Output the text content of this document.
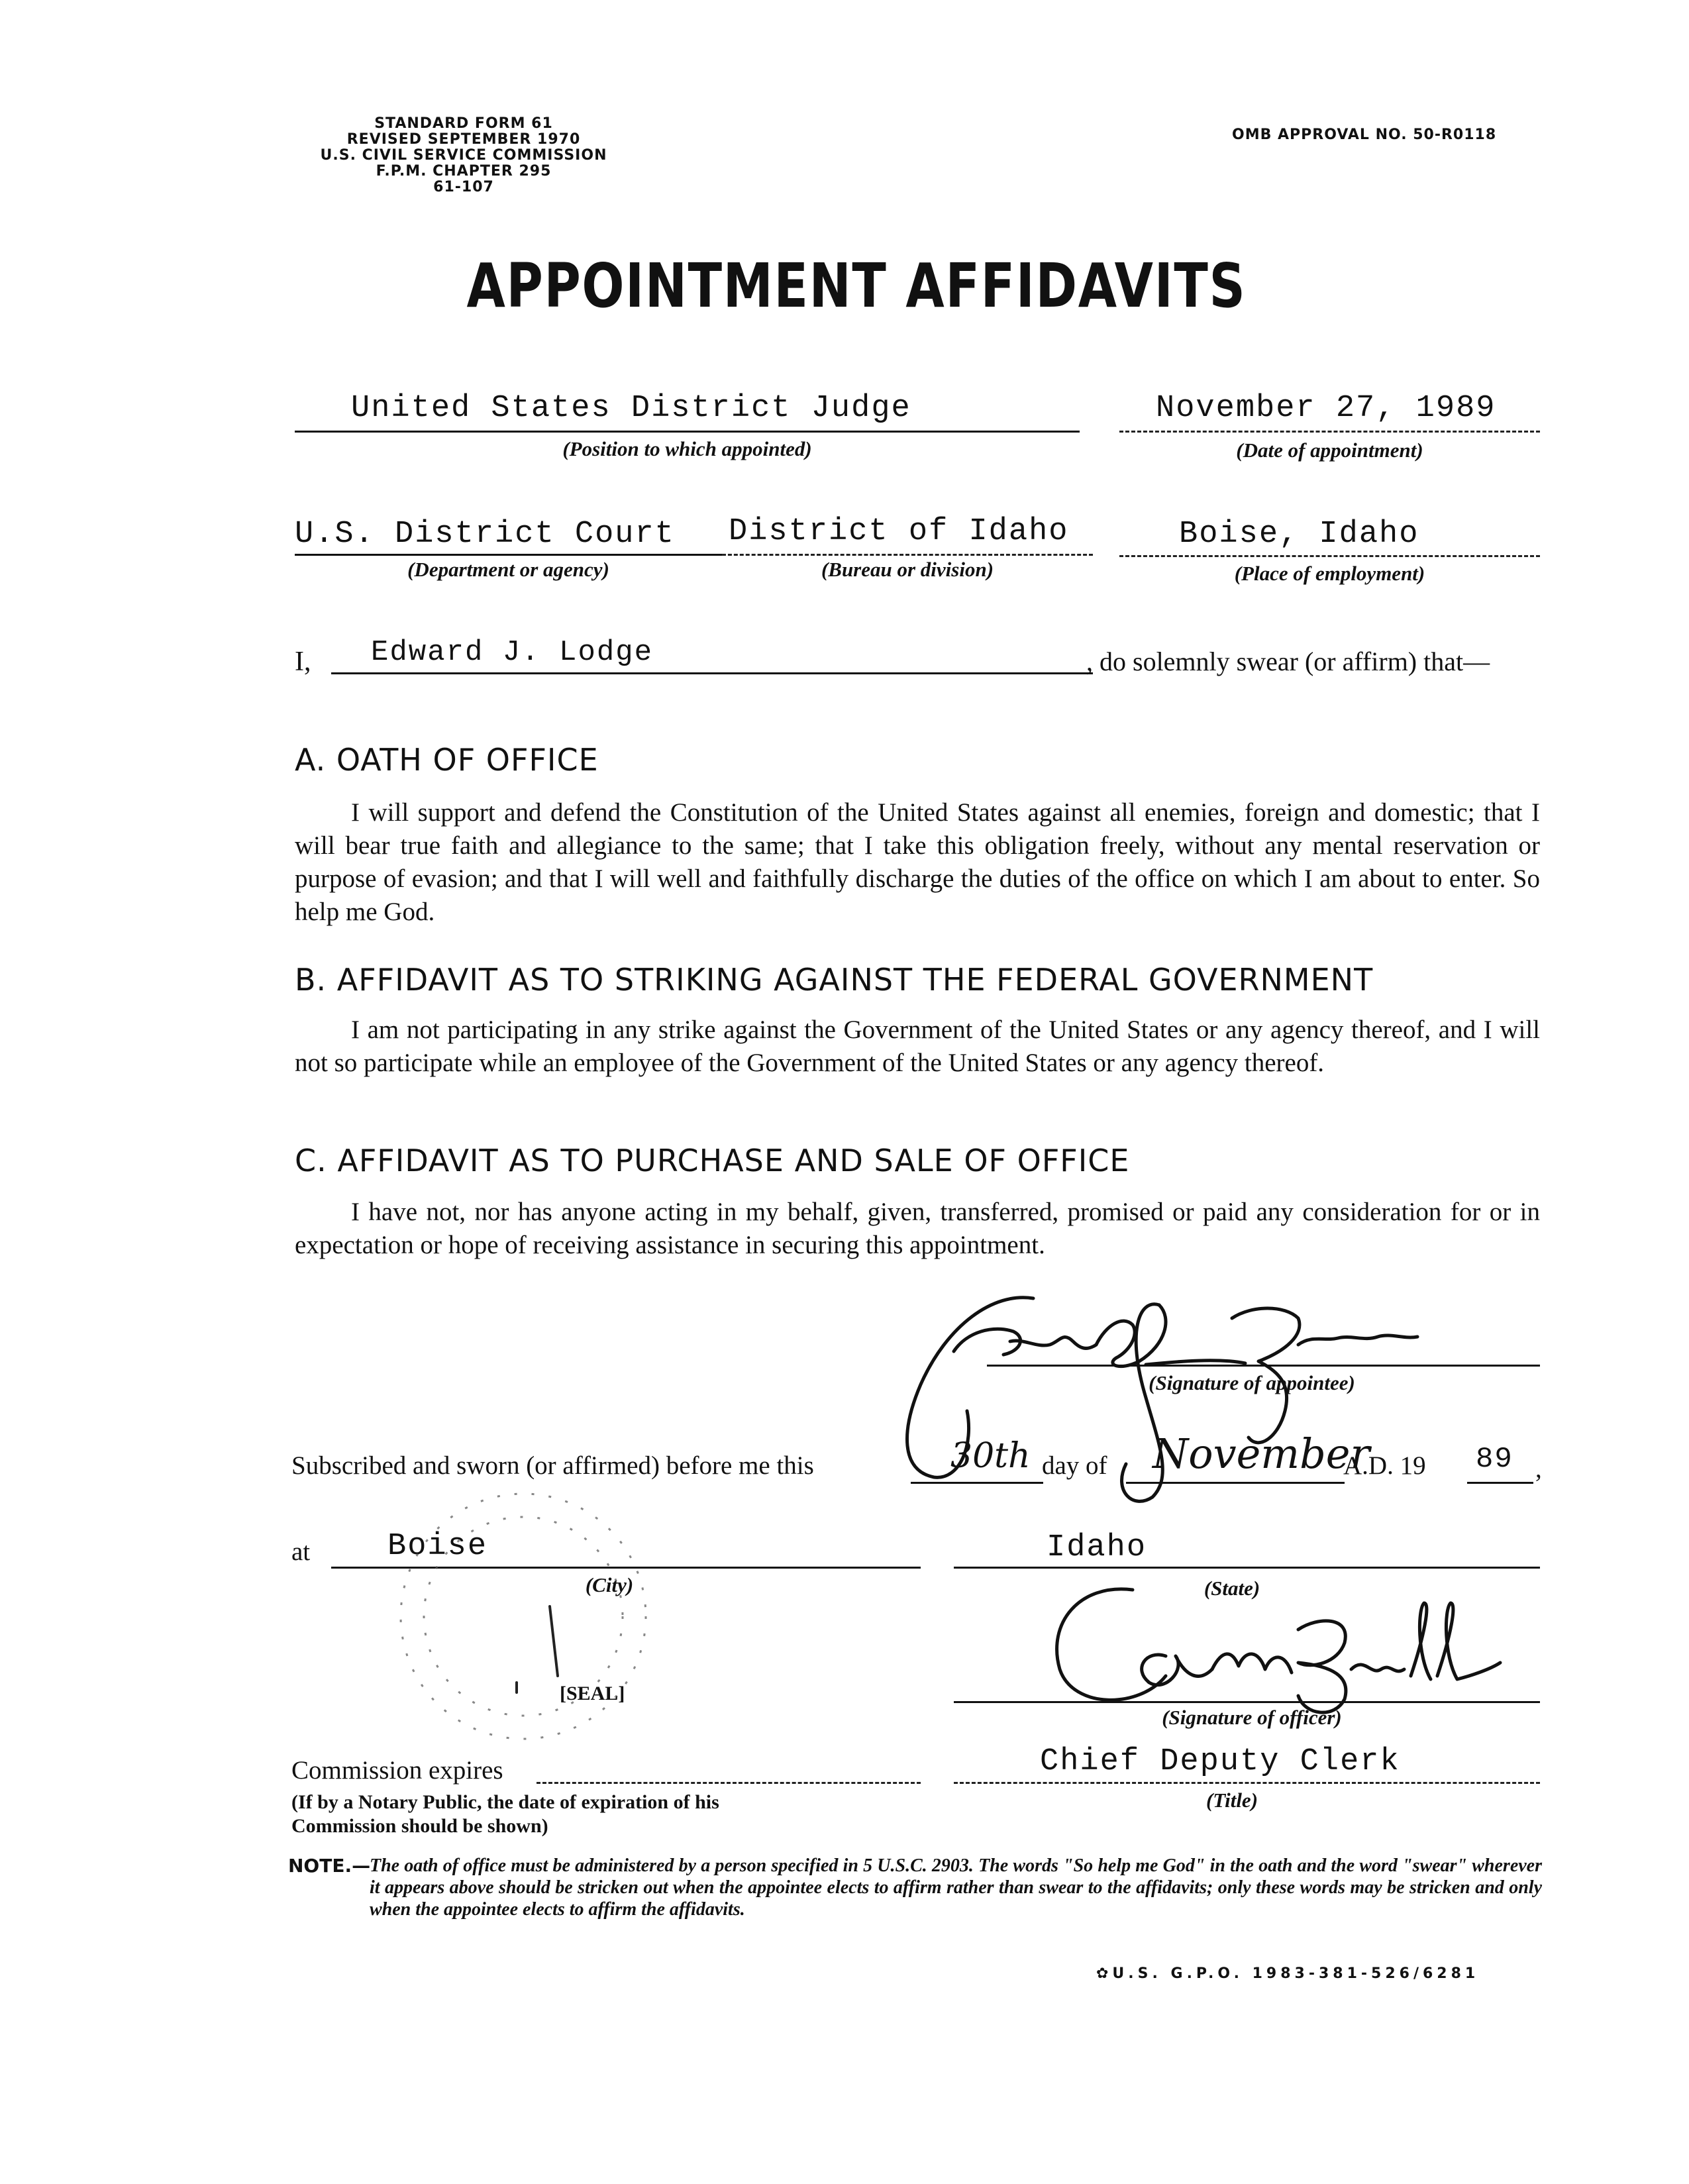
STANDARD FORM 61
REVISED SEPTEMBER 1970
U.S. CIVIL SERVICE COMMISSION
F.P.M. CHAPTER 295
61-107
OMB APPROVAL NO. 50-R0118
APPOINTMENT AFFIDAVITS
United States District Judge
(Position to which appointed)
November 27, 1989
(Date of appointment)
U.S. District Court
(Department or agency)
District of Idaho
(Bureau or division)
Boise, Idaho
(Place of employment)
I, Edward J. Lodge	, do solemnly swear (or affirm) that—
A. OATH OF OFFICE

I will support and defend the Constitution of the United States against all enemies, foreign and domestic; that I will bear true faith and allegiance to the same; that I take this obligation freely, without any mental reservation or purpose of evasion; and that I will well and faithfully discharge the duties of the office on which I am about to enter. So help me God.

B. AFFIDAVIT AS TO STRIKING AGAINST THE FEDERAL GOVERNMENT

I am not participating in any strike against the Government of the United States or any agency thereof, and I will not so participate while an employee of the Government of the United States or any agency thereof.

C. AFFIDAVIT AS TO PURCHASE AND SALE OF OFFICE

I have not, nor has anyone acting in my behalf, given, transferred, promised or paid any consideration for or in expectation or hope of receiving assistance in securing this appointment.

(Signature of appointee)
Subscribed and sworn (or affirmed) before me this	30th day of November
A.D. 19 89 ,
at Boise
(City)
Idaho
(State)
[SEAL]
(Signature of officer)
Commission expires
(If by a Notary Public, the date of expiration of his Commission should be shown)
Chief Deputy Clerk
(Title)
NOTE.—
The oath of office must be administered by a person specified in 5 U.S.C. 2903. The words "So help me God" in the oath and the word "swear" wherever it appears above should be stricken out when the appointee elects to affirm rather than swear to the affidavits; only these words may be stricken and only when the appointee elects to affirm the affidavits.
✿U.S. G.P.O. 1983-381-526/6281
